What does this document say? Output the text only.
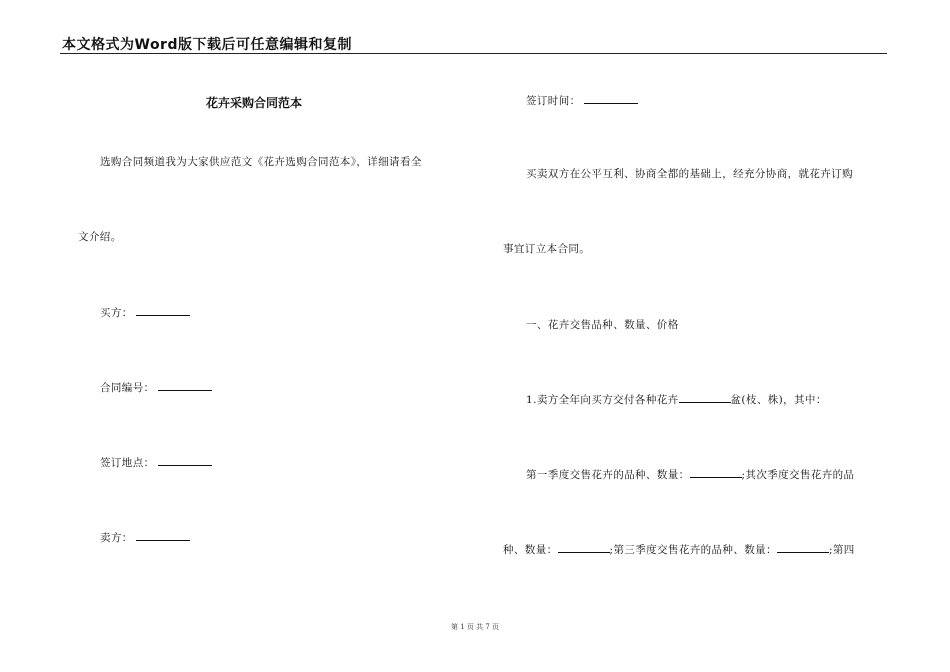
本文格式为Word版下载后可任意编辑和复制
花卉采购合同范本
选购合同频道我为大家供应范文《花卉选购合同范本》，详细请看全
文介绍。
买方：
合同编号：
签订地点：
卖方：
签订时间：
买卖双方在公平互利、协商全都的基础上，经充分协商，就花卉订购
事宜订立本合同。
一、花卉交售品种、数量、价格
1.卖方全年向买方交付各种花卉	盆(枝、株)，其中：
第一季度交售花卉的品种、数量：	;其次季度交售花卉的品
种、数量：	;第三季度交售花卉的品种、数量：	;第四
第 1 页 共 7 页
